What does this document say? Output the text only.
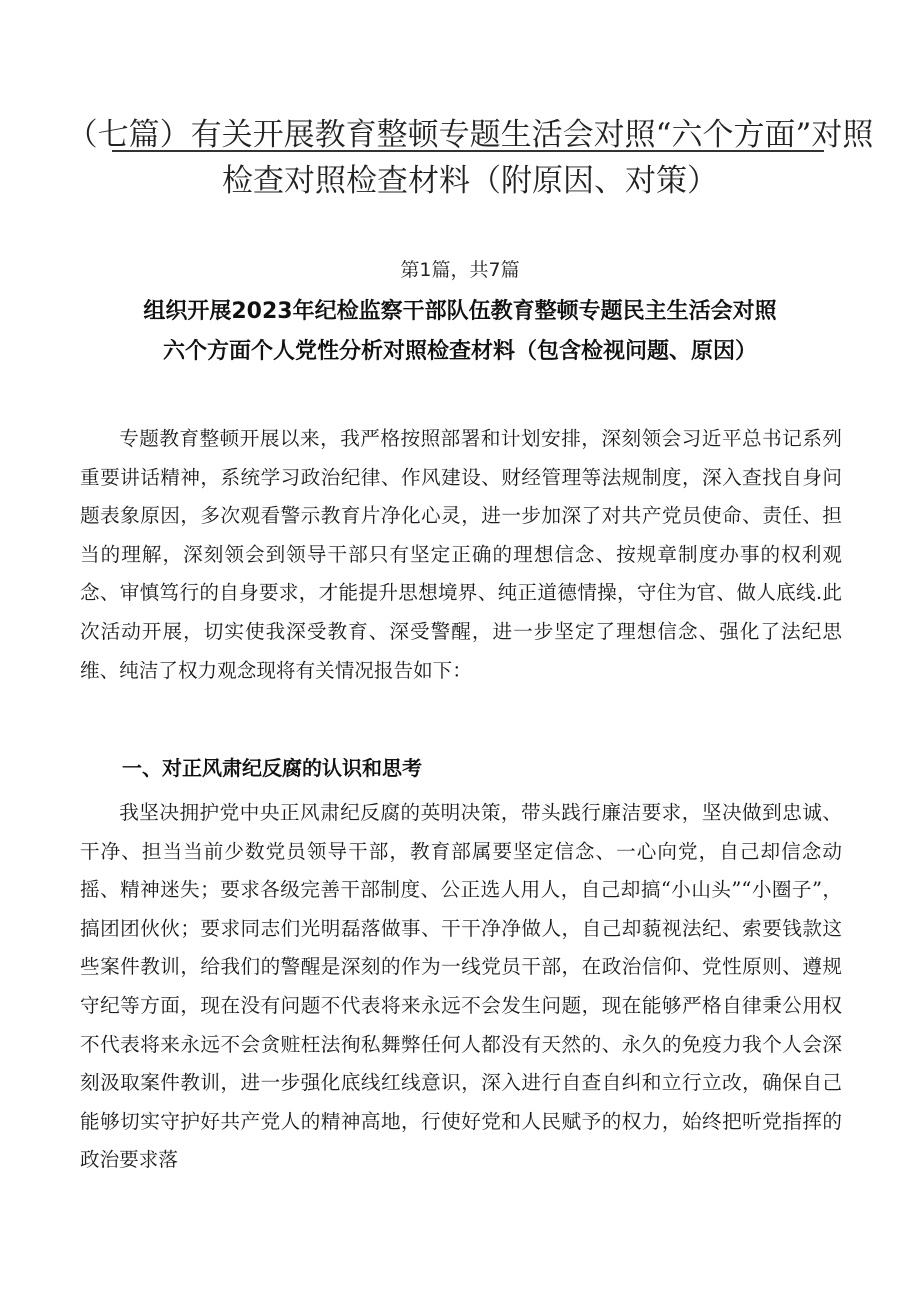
（七篇）有关开展教育整顿专题生活会对照“六个方面”对照检查对照检查材料（附原因、对策）
第1篇，共7篇
组织开展2023年纪检监察干部队伍教育整顿专题民主生活会对照六个方面个人党性分析对照检查材料（包含检视问题、原因）

专题教育整顿开展以来，我严格按照部署和计划安排，深刻领会习近平总书记系列重要讲话精神，系统学习政治纪律、作风建设、财经管理等法规制度，深入查找自身问题表象原因，多次观看警示教育片净化心灵，进一步加深了对共产党员使命、责任、担当的理解，深刻领会到领导干部只有坚定正确的理想信念、按规章制度办事的权利观念、审慎笃行的自身要求，才能提升思想境界、纯正道德情操，守住为官、做人底线.此次活动开展，切实使我深受教育、深受警醒，进一步坚定了理想信念、强化了法纪思维、纯洁了权力观念现将有关情况报告如下：

一、对正风肃纪反腐的认识和思考

我坚决拥护党中央正风肃纪反腐的英明决策，带头践行廉洁要求，坚决做到忠诚、干净、担当当前少数党员领导干部，教育部属要坚定信念、一心向党，自己却信念动摇、精神迷失；要求各级完善干部制度、公正选人用人，自己却搞“小山头”“小圈子”，搞团团伙伙；要求同志们光明磊落做事、干干净净做人，自己却藐视法纪、索要钱款这些案件教训，给我们的警醒是深刻的作为一线党员干部，在政治信仰、党性原则、遵规守纪等方面，现在没有问题不代表将来永远不会发生问题，现在能够严格自律秉公用权不代表将来永远不会贪赃枉法徇私舞弊任何人都没有天然的、永久的免疫力我个人会深刻汲取案件教训，进一步强化底线红线意识，深入进行自查自纠和立行立改，确保自己能够切实守护好共产党人的精神高地，行使好党和人民赋予的权力，始终把听党指挥的政治要求落
